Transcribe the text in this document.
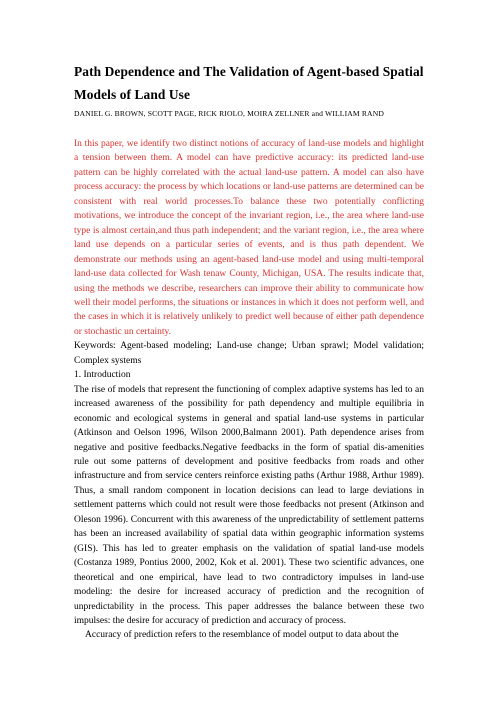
Path Dependence and The Validation of Agent-based Spatial Models of Land Use

DANIEL G. BROWN, SCOTT PAGE, RICK RIOLO, MOIRA ZELLNER and WILLIAM RAND

In this paper, we identify two distinct notions of accuracy of land-use models and highlight a tension between them. A model can have predictive accuracy: its predicted land-use pattern can be highly correlated with the actual land-use pattern. A model can also have process accuracy: the process by which locations or land-use patterns are determined can be consistent with real world processes.To balance these two potentially conflicting motivations, we introduce the concept of the invariant region, i.e., the area where land-use type is almost certain,and thus path independent; and the variant region, i.e., the area where land use depends on a particular series of events, and is thus path dependent. We demonstrate our methods using an agent-based land-use model and using multi-temporal land-use data collected for Wash tenaw County, Michigan, USA. The results indicate that, using the methods we describe, researchers can improve their ability to communicate how well their model performs, the situations or instances in which it does not perform well, and the cases in which it is relatively unlikely to predict well because of either path dependence or stochastic un certainty.

Keywords: Agent-based modeling; Land-use change; Urban sprawl; Model validation; Complex systems

1. Introduction

The rise of models that represent the functioning of complex adaptive systems has led to an increased awareness of the possibility for path dependency and multiple equilibria in economic and ecological systems in general and spatial land-use systems in particular (Atkinson and Oelson 1996, Wilson 2000,Balmann 2001). Path dependence arises from negative and positive feedbacks.Negative feedbacks in the form of spatial dis-amenities rule out some patterns of development and positive feedbacks from roads and other infrastructure and from service centers reinforce existing paths (Arthur 1988, Arthur 1989). Thus, a small random component in location decisions can lead to large deviations in settlement patterns which could not result were those feedbacks not present (Atkinson and Oleson 1996). Concurrent with this awareness of the unpredictability of settlement patterns has been an increased availability of spatial data within geographic information systems (GIS). This has led to greater emphasis on the validation of spatial land-use models (Costanza 1989, Pontius 2000, 2002, Kok et al. 2001). These two scientific advances, one theoretical and one empirical, have lead to two contradictory impulses in land-use modeling: the desire for increased accuracy of prediction and the recognition of unpredictability in the process. This paper addresses the balance between these two impulses: the desire for accuracy of prediction and accuracy of process.

Accuracy of prediction refers to the resemblance of model output to data about the
